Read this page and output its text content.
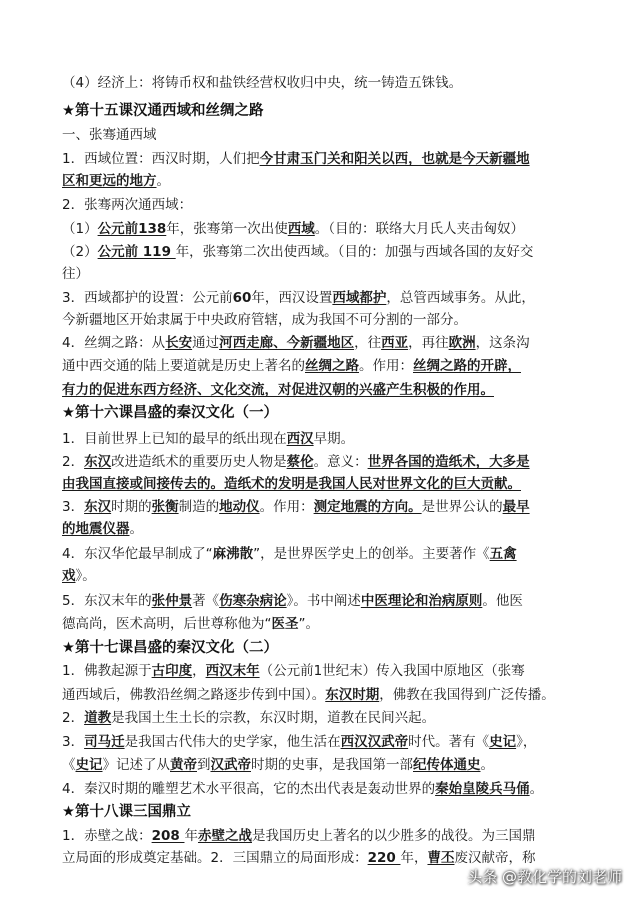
（4）经济上：将铸币权和盐铁经营权收归中央，统一铸造五铢钱。
★第十五课汉通西域和丝绸之路
一、张骞通西域
1．西域位置：西汉时期，人们把今甘肃玉门关和阳关以西，也就是今天新疆地
区和更远的地方。
2．张骞两次通西域：
（1）公元前138年，张骞第一次出使西域。（目的：联络大月氏人夹击匈奴）
（2）公元前 119 年，张骞第二次出使西域。（目的：加强与西域各国的友好交
往）
3．西域都护的设置：公元前60年，西汉设置西域都护，总管西域事务。从此，
今新疆地区开始隶属于中央政府管辖，成为我国不可分割的一部分。
4．丝绸之路：从长安通过河西走廊、今新疆地区，往西亚，再往欧洲，这条沟
通中西交通的陆上要道就是历史上著名的丝绸之路。作用：丝绸之路的开辟，
有力的促进东西方经济、文化交流，对促进汉朝的兴盛产生积极的作用。
★第十六课昌盛的秦汉文化（一）
1．目前世界上已知的最早的纸出现在西汉早期。
2．东汉改进造纸术的重要历史人物是蔡伦。意义：世界各国的造纸术，大多是
由我国直接或间接传去的。造纸术的发明是我国人民对世界文化的巨大贡献。
3．东汉时期的张衡制造的地动仪。作用：测定地震的方向。是世界公认的最早
的地震仪器。
4．东汉华佗最早制成了“麻沸散”，是世界医学史上的创举。主要著作《五禽
戏》。
5．东汉末年的张仲景著《伤寒杂病论》。书中阐述中医理论和治病原则。他医
德高尚，医术高明，后世尊称他为“医圣”。
★第十七课昌盛的秦汉文化（二）
1．佛教起源于古印度，西汉末年（公元前1世纪末）传入我国中原地区（张骞
通西域后，佛教沿丝绸之路逐步传到中国）。东汉时期，佛教在我国得到广泛传播。
2．道教是我国土生土长的宗教，东汉时期，道教在民间兴起。
3．司马迁是我国古代伟大的史学家，他生活在西汉汉武帝时代。著有《史记》，
《史记》记述了从黄帝到汉武帝时期的史事，是我国第一部纪传体通史。
4．秦汉时期的雕塑艺术水平很高，它的杰出代表是轰动世界的秦始皇陵兵马俑。
★第十八课三国鼎立
1．赤壁之战：208 年赤壁之战是我国历史上著名的以少胜多的战役。为三国鼎
立局面的形成奠定基础。2．三国鼎立的局面形成：220 年，曹丕废汉献帝，称
头条 @教化学的刘老师
